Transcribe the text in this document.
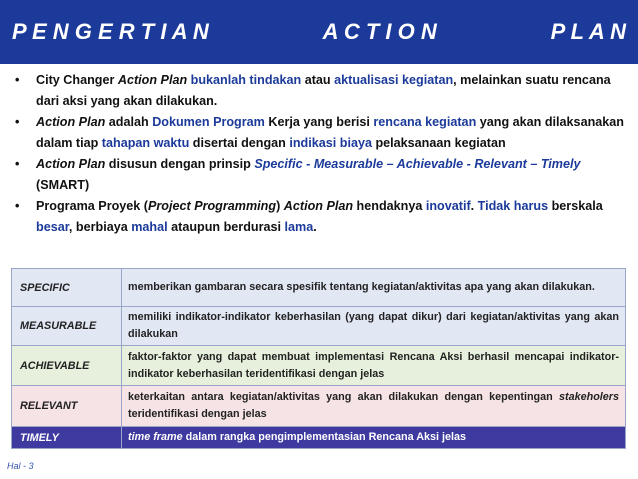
P E N G E R T I A N	A C T I O N	P L A N
• City Changer Action Plan bukanlah tindakan atau aktualisasi kegiatan, melainkan suatu rencana dari aksi yang akan dilakukan.
• Action Plan adalah Dokumen Program Kerja yang berisi rencana kegiatan yang akan dilaksanakan dalam tiap tahapan waktu disertai dengan indikasi biaya pelaksanaan kegiatan
• Action Plan disusun dengan prinsip Specific - Measurable – Achievable - Relevant – Timely (SMART)
• Programa Proyek (Project Programming) Action Plan hendaknya inovatif. Tidak harus berskala besar, berbiaya mahal ataupun berdurasi lama.
SPECIFIC	memberikan gambaran secara spesifik tentang kegiatan/aktivitas apa yang akan dilakukan.
MEASURABLE	memiliki indikator-indikator keberhasilan (yang dapat dikur) dari kegiatan/aktivitas yang akan dilakukan
ACHIEVABLE	faktor-faktor yang dapat membuat implementasi Rencana Aksi berhasil mencapai indikator-indikator keberhasilan teridentifikasi dengan jelas
RELEVANT	keterkaitan antara kegiatan/aktivitas yang akan dilakukan dengan kepentingan stakeholers teridentifikasi dengan jelas
TIMELY	time frame dalam rangka pengimplementasian Rencana Aksi jelas
Hal - 3
